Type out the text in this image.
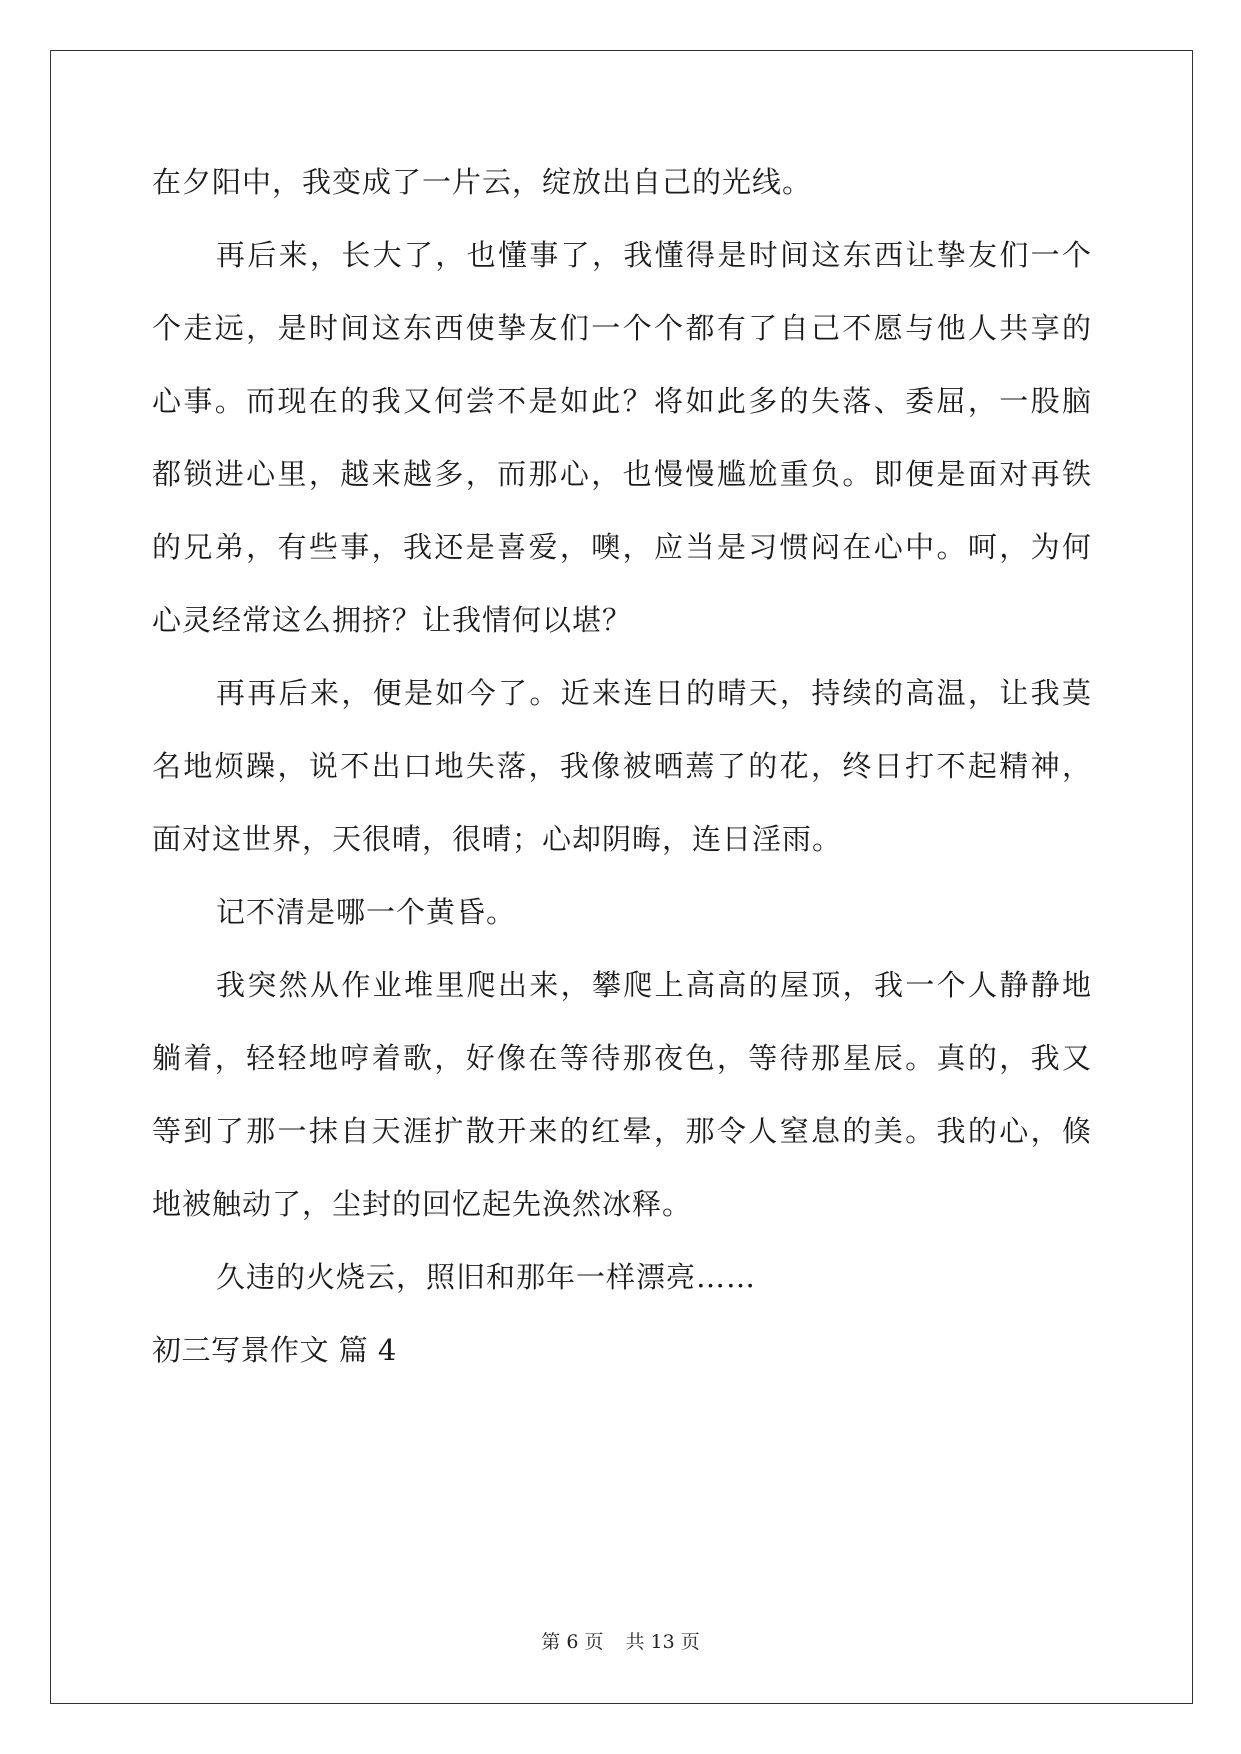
在夕阳中，我变成了一片云，绽放出自己的光线。
再后来，长大了，也懂事了，我懂得是时间这东西让挚友们一个
个走远，是时间这东西使挚友们一个个都有了自己不愿与他人共享的
心事。而现在的我又何尝不是如此？将如此多的失落、委屈，一股脑
都锁进心里，越来越多，而那心，也慢慢尴尬重负。即便是面对再铁
的兄弟，有些事，我还是喜爱，噢，应当是习惯闷在心中。呵，为何
心灵经常这么拥挤？让我情何以堪？
再再后来，便是如今了。近来连日的晴天，持续的高温，让我莫
名地烦躁，说不出口地失落，我像被晒蔫了的花，终日打不起精神，
面对这世界，天很晴，很晴；心却阴晦，连日淫雨。
记不清是哪一个黄昏。
我突然从作业堆里爬出来，攀爬上高高的屋顶，我一个人静静地
躺着，轻轻地哼着歌，好像在等待那夜色，等待那星辰。真的，我又
等到了那一抹自天涯扩散开来的红晕，那令人窒息的美。我的心，倏
地被触动了，尘封的回忆起先涣然冰释。
久违的火烧云，照旧和那年一样漂亮……
初三写景作文 篇 4
第 6 页 共 13 页
